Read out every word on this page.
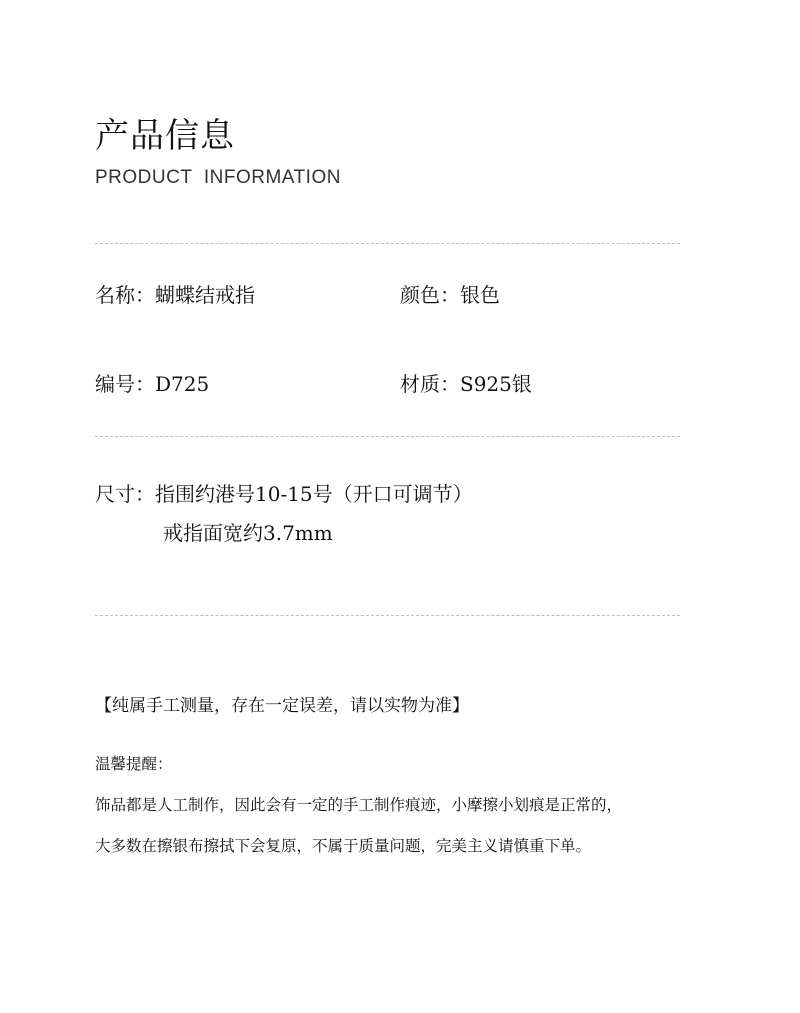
产品信息
PRODUCT INFORMATION
名称：蝴蝶结戒指	颜色：银色
编号：D725	材质：S925银
尺寸：指围约港号10-15号（开口可调节）
戒指面宽约3.7mm
【纯属手工测量，存在一定误差，请以实物为准】
温馨提醒：
饰品都是人工制作，因此会有一定的手工制作痕迹，小摩擦小划痕是正常的，
大多数在擦银布擦拭下会复原，不属于质量问题，完美主义请慎重下单。
